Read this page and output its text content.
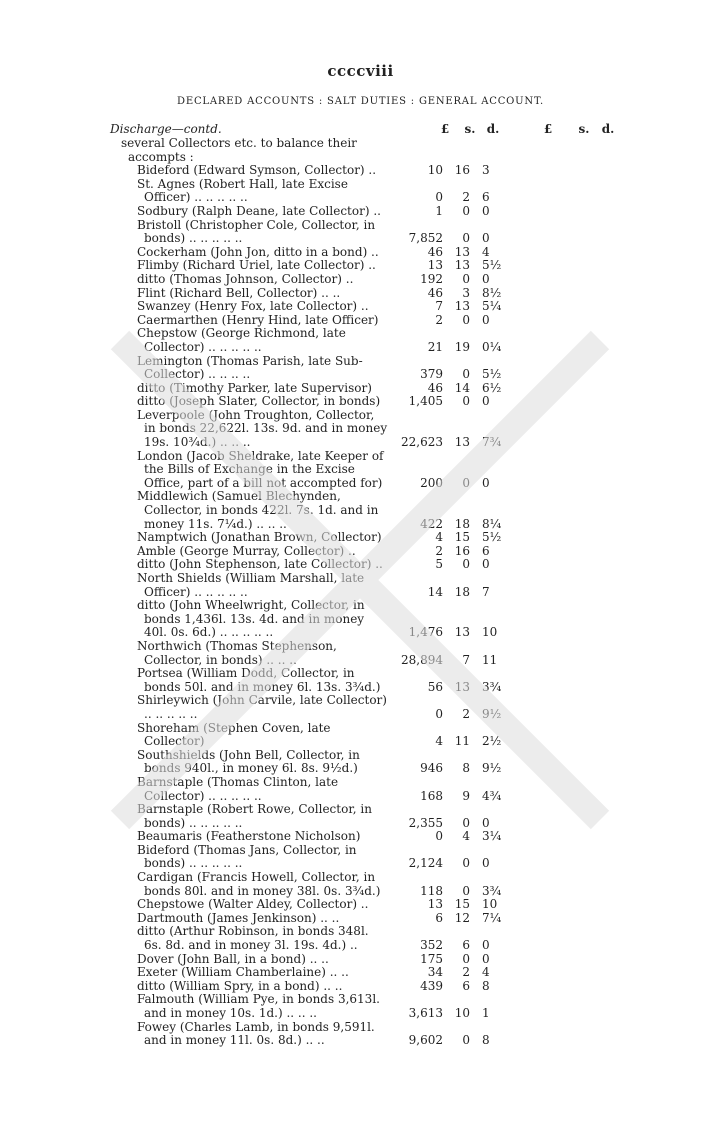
ccccviii
DECLARED ACCOUNTS : SALT DUTIES : GENERAL ACCOUNT.
Discharge—contd.	£	s. d.	£	s.	d.
several Collectors etc. to balance their accompts :
Bideford (Edward Symson, Collector) ..	10 16 3
St. Agnes (Robert Hall, late Excise Officer) .. .. .. .. ..	0	2 6
Sodbury (Ralph Deane, late Collector) ..	1	0 0
Bristoll (Christopher Cole, Collector, in bonds) .. .. .. .. ..	7,852	0 0
Cockerham (John Jon, ditto in a bond) ..	46 13 4
Flimby (Richard Uriel, late Collector) ..	13 13 5½
ditto (Thomas Johnson, Collector) ..	192	0 0
Flint (Richard Bell, Collector) .. ..	46	3 8½
Swanzey (Henry Fox, late Collector) ..	7 13 5¼
Caermarthen (Henry Hind, late Officer)	2	0 0
Chepstow (George Richmond, late Collector) .. .. .. .. ..	21 19 0¼
Lemington (Thomas Parish, late Sub-Collector) .. .. .. ..	379	0 5½
ditto (Timothy Parker, late Supervisor)	46 14 6½
ditto (Joseph Slater, Collector, in bonds)	1,405	0 0
Leverpoole (John Troughton, Collector, in bonds 22,622l. 13s. 9d. and in money 19s. 10¾d.) .. .. ..	22,623 13 7¾
London (Jacob Sheldrake, late Keeper of the Bills of Exchange in the Excise Office, part of a bill not accompted for)	200	0 0
Middlewich (Samuel Blechynden, Collector, in bonds 422l. 7s. 1d. and in money 11s. 7¼d.) .. .. ..	422 18 8¼
Namptwich (Jonathan Brown, Collector)	4 15 5½
Amble (George Murray, Collector) ..	2 16 6
ditto (John Stephenson, late Collector) ..	5	0 0
North Shields (William Marshall, late Officer) .. .. .. .. ..	14 18 7
ditto (John Wheelwright, Collector, in bonds 1,436l. 13s. 4d. and in money 40l. 0s. 6d.) .. .. .. .. ..	1,476 13 10
Northwich (Thomas Stephenson, Collector, in bonds) .. .. ..	28,894	7 11
Portsea (William Dodd, Collector, in bonds 50l. and in money 6l. 13s. 3¾d.)	56 13 3¾
Shirleywich (John Carvile, late Collector) .. .. .. .. ..	0	2 9½
Shoreham (Stephen Coven, late Collector)	4 11 2½
Southshields (John Bell, Collector, in bonds 940l., in money 6l. 8s. 9½d.)	946	8 9½
Barnstaple (Thomas Clinton, late Collector) .. .. .. .. ..	168	9 4¾
Barnstaple (Robert Rowe, Collector, in bonds) .. .. .. .. ..	2,355	0 0
Beaumaris (Featherstone Nicholson)	0	4 3¼
Bideford (Thomas Jans, Collector, in bonds) .. .. .. .. ..	2,124	0 0
Cardigan (Francis Howell, Collector, in bonds 80l. and in money 38l. 0s. 3¾d.)	118	0 3¾
Chepstowe (Walter Aldey, Collector) ..	13 15 10
Dartmouth (James Jenkinson) .. ..	6 12 7¼
ditto (Arthur Robinson, in bonds 348l. 6s. 8d. and in money 3l. 19s. 4d.) ..	352	6 0
Dover (John Ball, in a bond) .. ..	175	0 0
Exeter (William Chamberlaine) .. ..	34	2 4
ditto (William Spry, in a bond) .. ..	439	6 8
Falmouth (William Pye, in bonds 3,613l. and in money 10s. 1d.) .. .. ..	3,613 10 1
Fowey (Charles Lamb, in bonds 9,591l. and in money 11l. 0s. 8d.) .. ..	9,602	0 8
